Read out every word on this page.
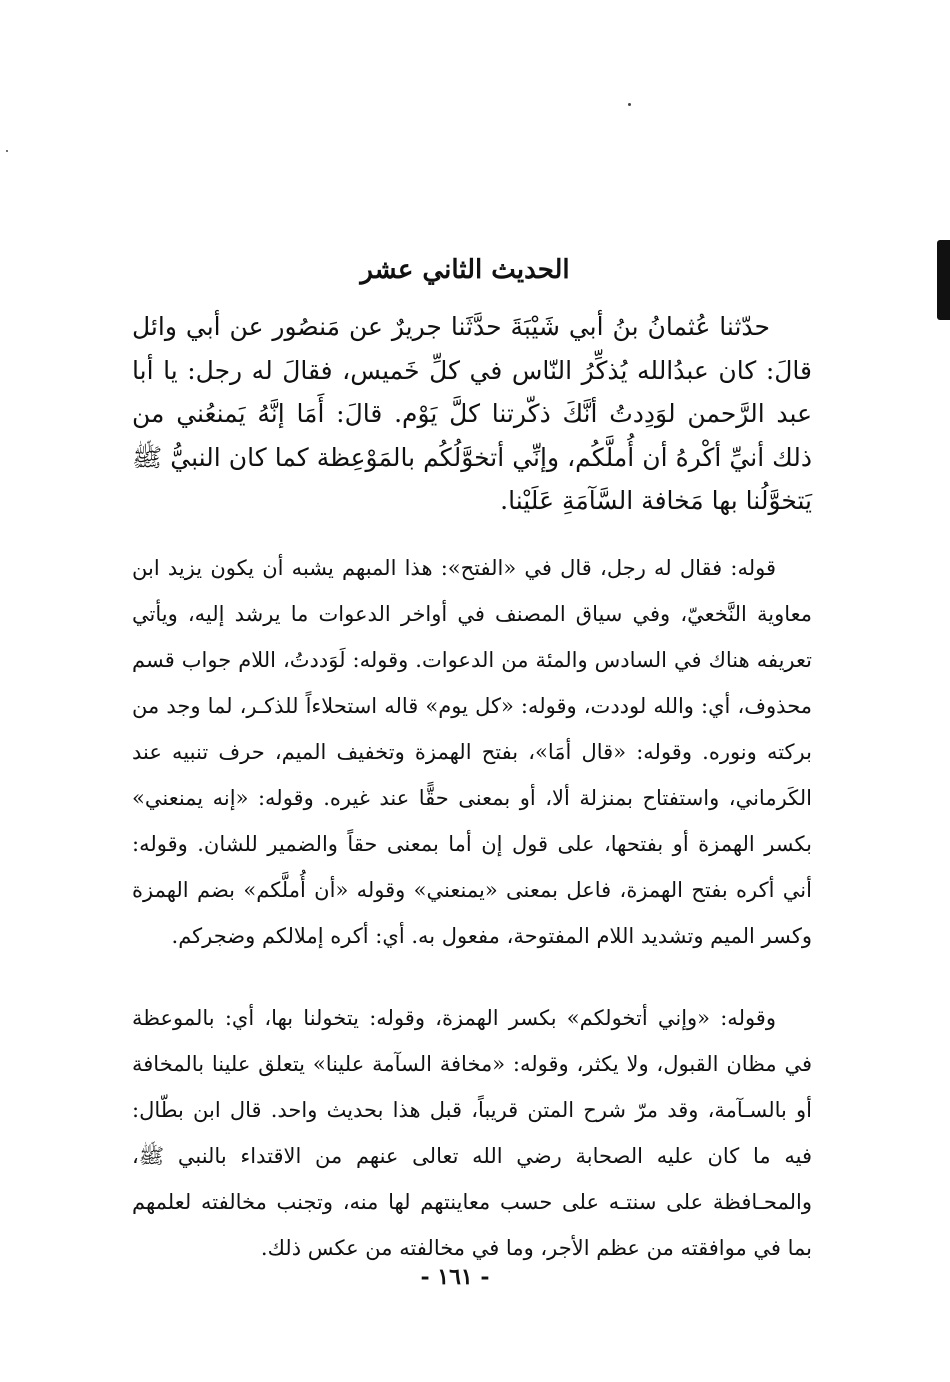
الحديث الثاني عشر

حدّثنا عُثمانُ بنُ أبي شَيْبَةَ حدَّثَنا جريرٌ عن مَنصُور عن أبي وائل قالَ: كان عبدُالله يُذكِّرُ النّاس في كلِّ خَميس، فقالَ له رجل: يا أبا عبد الرَّحمن لوَدِدتُ أنَّكَ ذكّرتنا كلَّ يَوْم. قالَ: أَمَا إنَّهُ يَمنعُني من ذلك أنيِّ أكْرهُ أن أُملَّكُم، وإنِّي أتخوَّلُكُم بالمَوْعِظة كما كان النبيُّ ﷺ يَتخوَّلُنا بها مَخافة السَّآمَةِ عَلَيْنا.

قوله: فقال له رجل، قال في «الفتح»: هذا المبهم يشبه أن يكون يزيد ابن معاوية النَّخعيّ، وفي سياق المصنف في أواخر الدعوات ما يرشد إليه، ويأتي تعريفه هناك في السادس والمئة من الدعوات. وقوله: لَوَددتُ، اللام جواب قسم محذوف، أي: والله لوددت، وقوله: «كل يوم» قاله استحلاءاً للذكـر، لما وجد من بركته ونوره. وقوله: «قال أمَا»، بفتح الهمزة وتخفيف الميم، حرف تنبيه عند الكَرماني، واستفتاح بمنزلة ألا، أو بمعنى حقًّا عند غيره. وقوله: «إنه يمنعني» بكسر الهمزة أو بفتحها، على قول إن أما بمعنى حقاً والضمير للشان. وقوله: أني أكره بفتح الهمزة، فاعل بمعنى «يمنعني» وقوله «أن أُملَّكم» بضم الهمزة وكسر الميم وتشديد اللام المفتوحة، مفعول به. أي: أكره إملالكم وضجركم.

وقوله: «وإني أتخولكم» بكسر الهمزة، وقوله: يتخولنا بها، أي: بالموعظة في مظان القبول، ولا يكثر، وقوله: «مخافة السآمة علينا» يتعلق علينا بالمخافة أو بالسـآمة، وقد مرّ شرح المتن قريباً، قبل هذا بحديث واحد. قال ابن بطّال: فيه ما كان عليه الصحابة رضي الله تعالى عنهم من الاقتداء بالنبي ﷺ، والمحـافظة على سنتـه على حسب معاينتهم لها منه، وتجنب مخالفته لعلمهم بما في موافقته من عظم الأجر، وما في مخالفته من عكس ذلك.

- ١٦١ -
